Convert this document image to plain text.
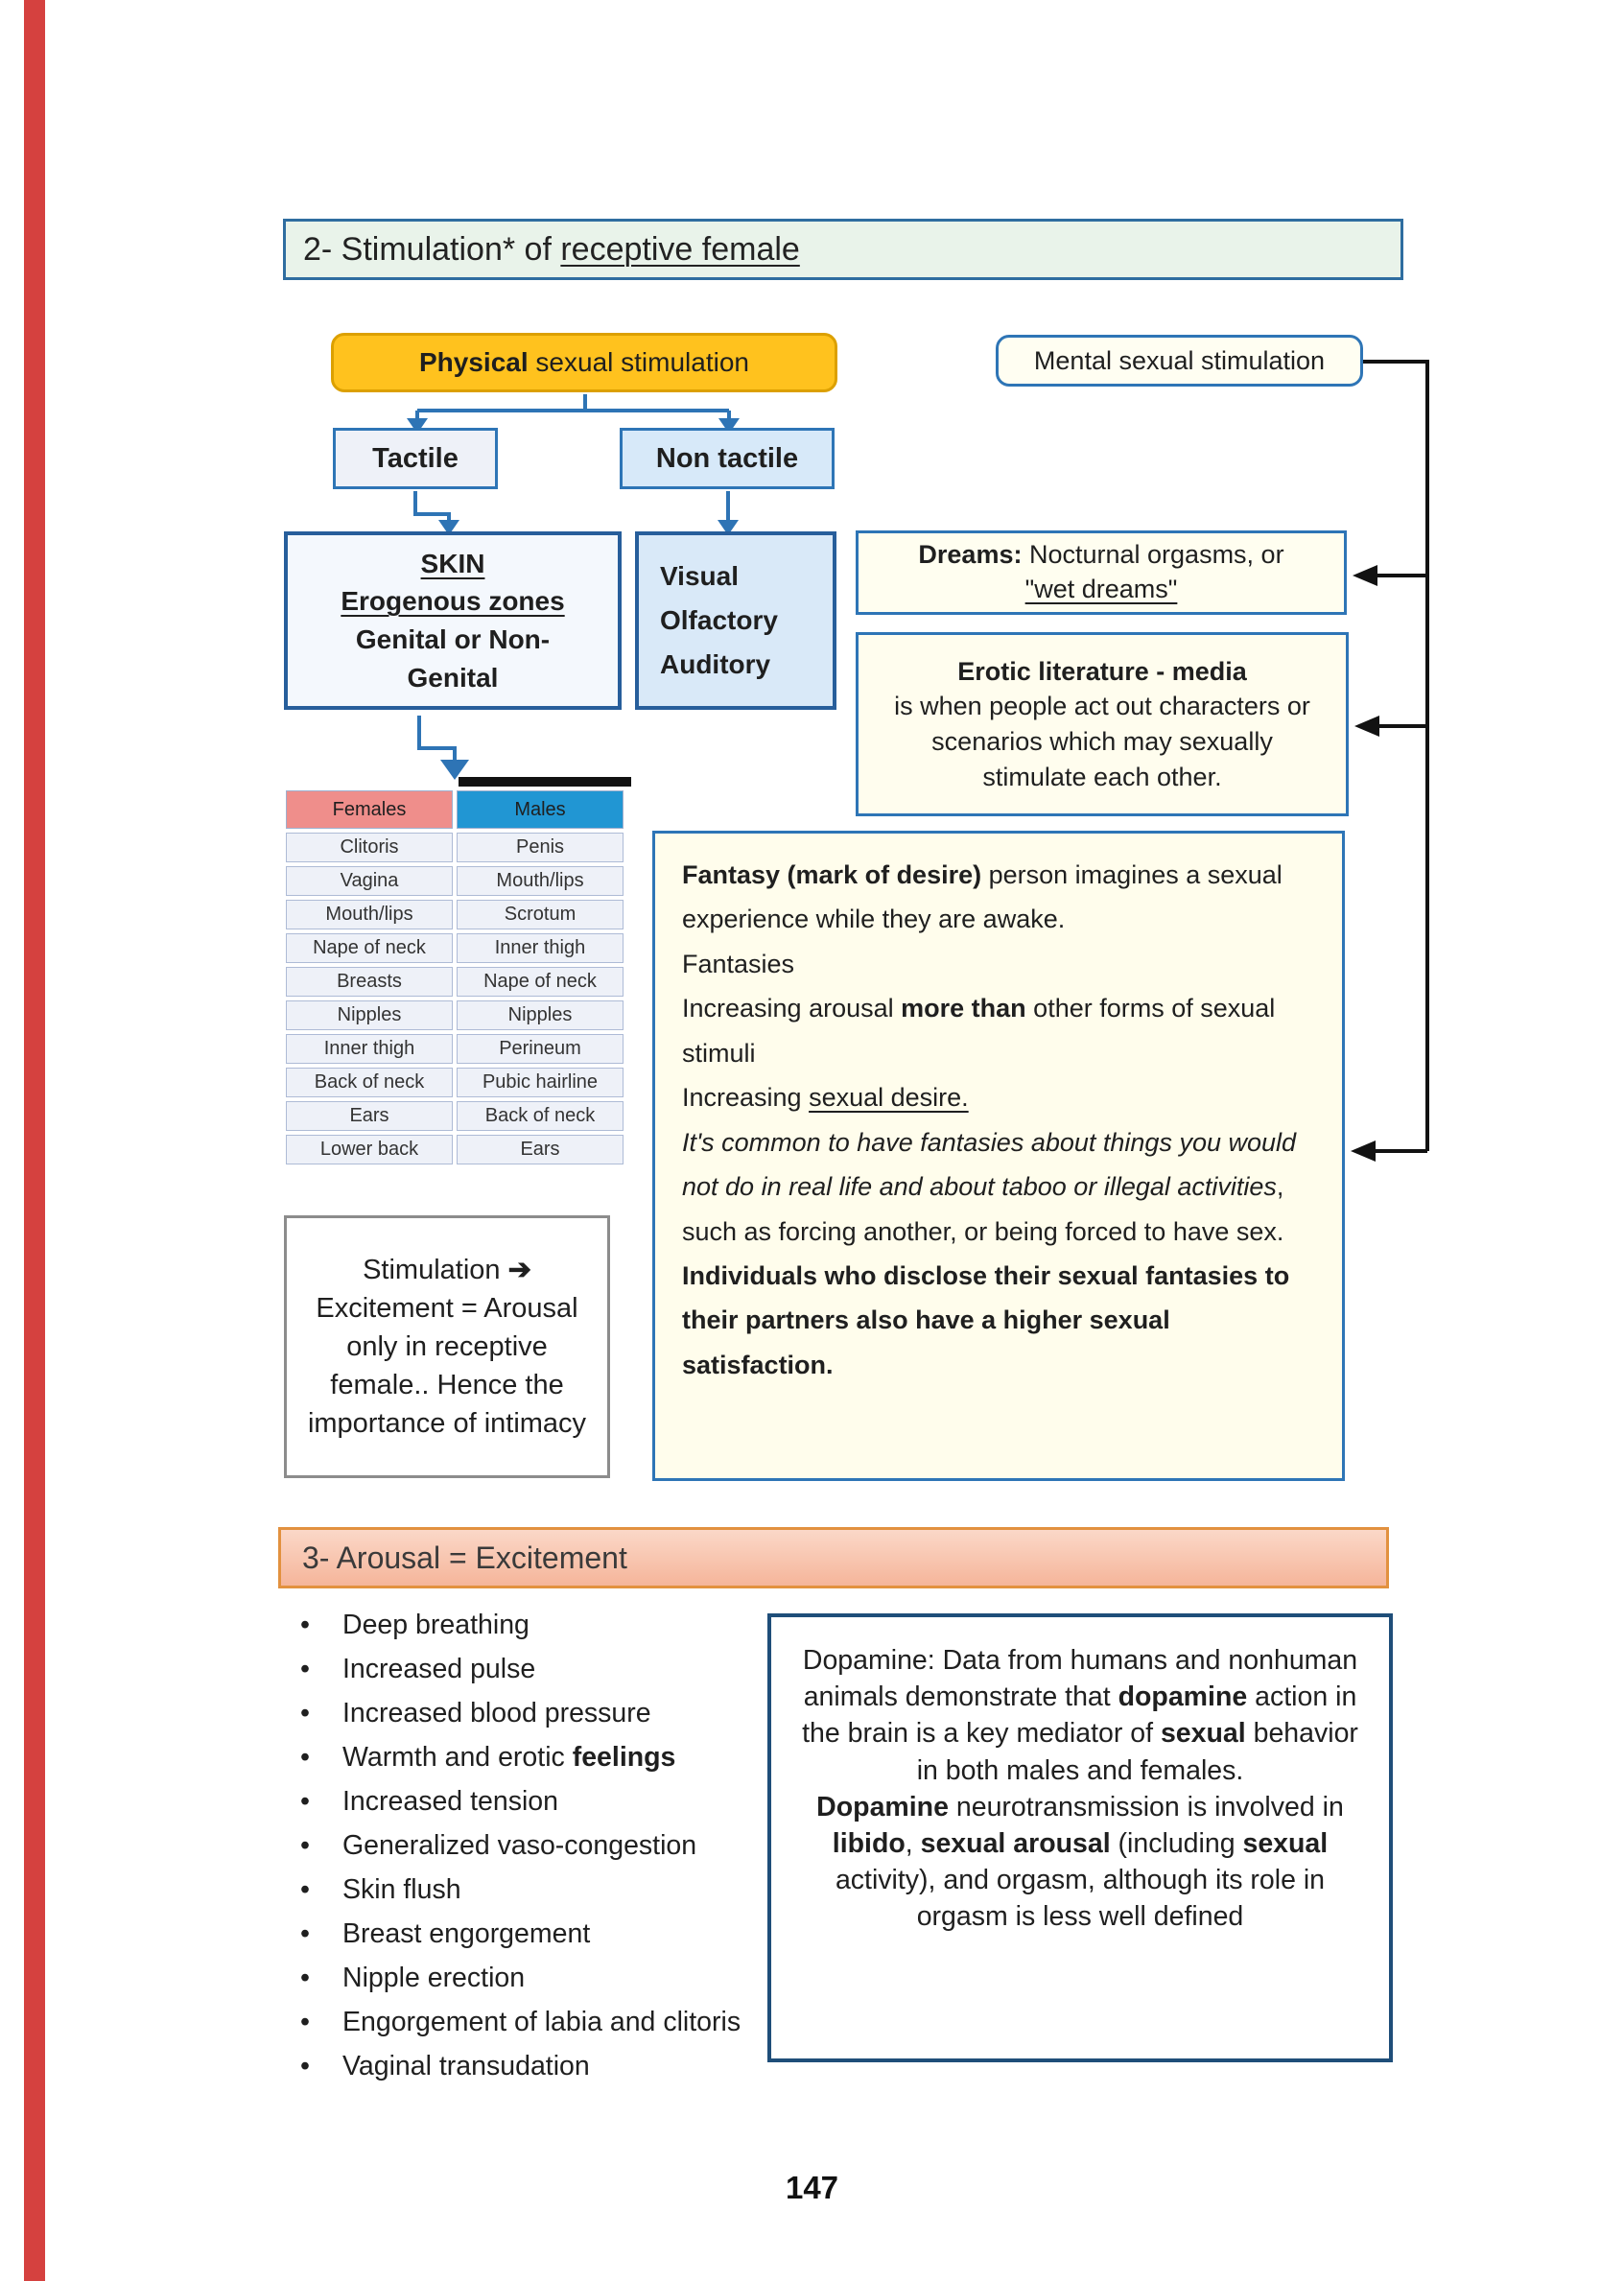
2- Stimulation* of receptive female
Physical sexual stimulation	Mental sexual stimulation
Tactile	Non tactile
SKIN
Erogenous zones
Genital or Non-Genital
Visual
Olfactory
Auditory
Dreams: Nocturnal orgasms, or
"wet dreams"
Erotic literature - media
is when people act out characters or scenarios which may sexually stimulate each other.
Females	Males
Clitoris	Penis
Vagina	Mouth/lips
Mouth/lips	Scrotum
Nape of neck	Inner thigh
Breasts	Nape of neck
Nipples	Nipples
Inner thigh	Perineum
Back of neck	Pubic hairline
Ears	Back of neck
Lower back	Ears
Stimulation ➔ Excitement = Arousal only in receptive female.. Hence the importance of intimacy
Fantasy (mark of desire) person imagines a sexual experience while they are awake.
Fantasies
Increasing arousal more than other forms of sexual stimuli
Increasing sexual desire.
It's common to have fantasies about things you would not do in real life and about taboo or illegal activities, such as forcing another, or being forced to have sex.
Individuals who disclose their sexual fantasies to their partners also have a higher sexual satisfaction.
3- Arousal = Excitement
• Deep breathing
• Increased pulse
• Increased blood pressure
• Warmth and erotic feelings
• Increased tension
• Generalized vaso-congestion
• Skin flush
• Breast engorgement
• Nipple erection
• Engorgement of labia and clitoris
• Vaginal transudation
Dopamine: Data from humans and nonhuman animals demonstrate that dopamine action in the brain is a key mediator of sexual behavior in both males and females.
Dopamine neurotransmission is involved in libido, sexual arousal (including sexual activity), and orgasm, although its role in orgasm is less well defined
147
